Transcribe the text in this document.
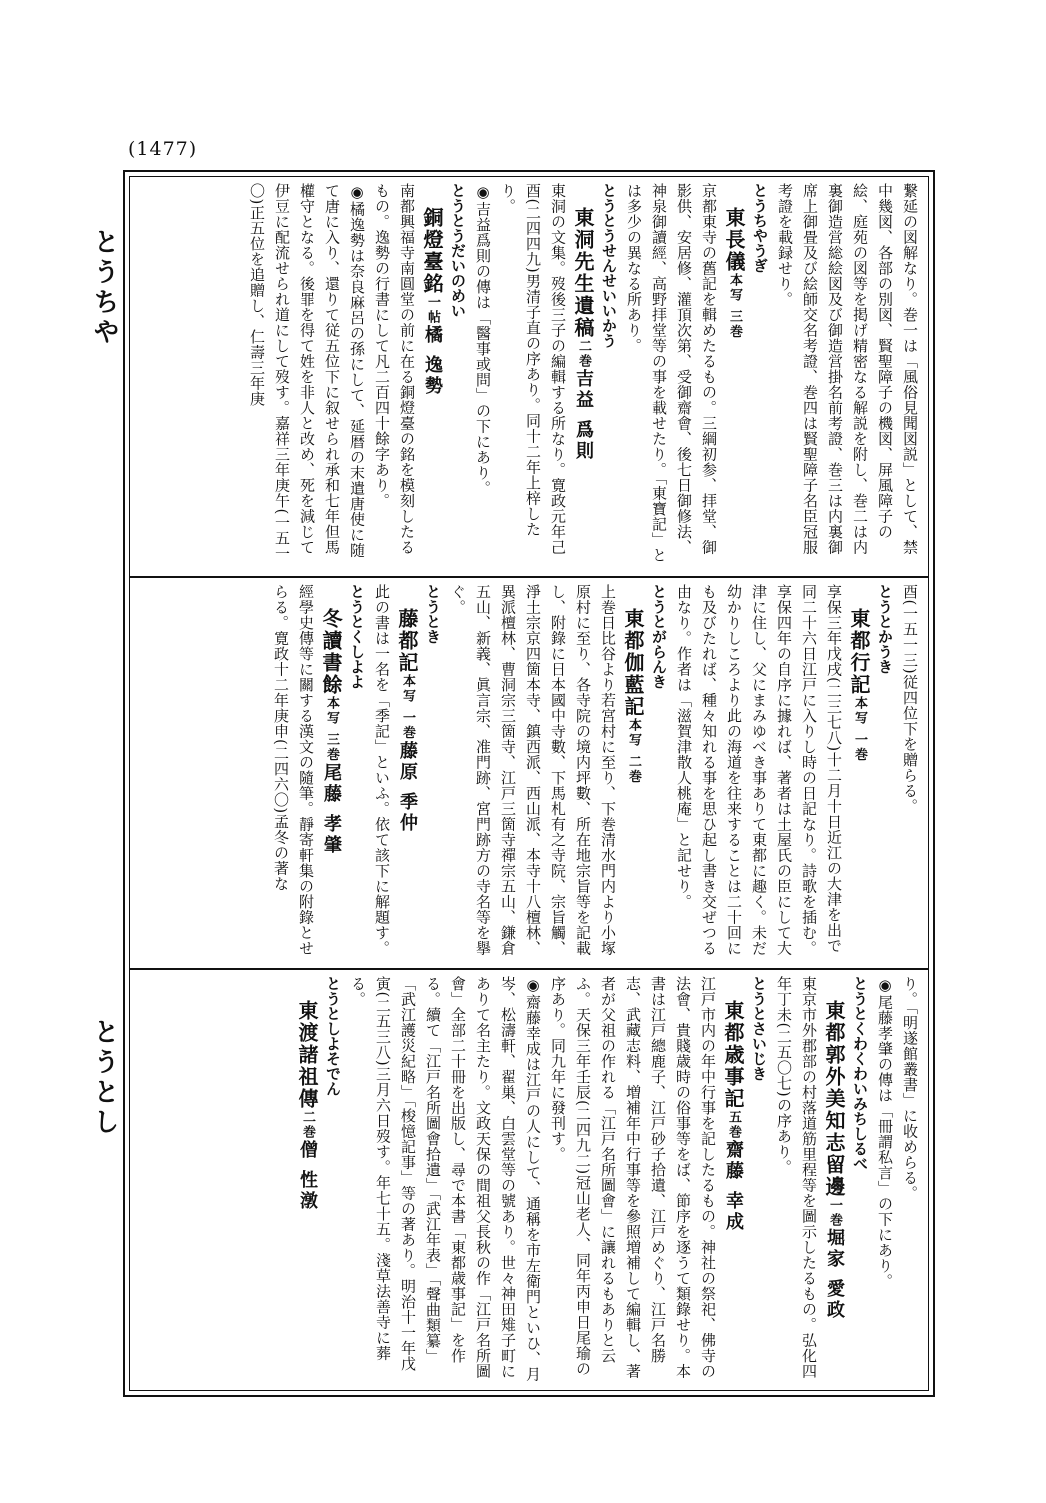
(1477)
とうちや
とうとし
繋延の図解なり。巻一は「風俗見聞図説」として、禁中幾図、各部の別図、賢聖障子の機図、屏風障子の絵、庭苑の図等を掲げ精密なる解説を附し、巻二は内裏御造営総絵図及び御造営掛名前考證、巻三は内裏御席上御畳及び絵師交名考證、巻四は賢聖障子名臣冠服考證を載録せり。
とうちやうぎ
東長儀本写 三巻
京都東寺の舊記を輯めたるもの。三綱初参、拝堂、御影供、安居修、灌頂次第、受御齋會、後七日御修法、神泉御讀經、高野拝堂等の事を載せたり。「東寶記」とは多少の異なる所あり。
とうとうせんせいいかう
東洞先生遺稿二巻吉益 爲則
東洞の文集。歿後三子の編輯する所なり。寛政元年己酉(二四四九)男清子直の序あり。同十二年上梓したり。
◉吉益爲則の傳は「醫事或問」の下にあり。
とうとうだいのめい
銅燈臺銘一帖橘 逸勢
南都興福寺南圓堂の前に在る銅燈臺の銘を模刻したるもの。逸勢の行書にして凡二百四十餘字あり。
◉橘逸勢は奈良麻呂の孫にして、延暦の末遣唐使に随て唐に入り、還りて従五位下に叙せられ承和七年但馬權守となる。後罪を得て姓を非人と改め、死を減じて伊豆に配流せられ道にして歿す。嘉祥三年庚午(一五一〇)正五位を追贈し、仁壽三年庚
酉(一五一三)従四位下を贈らる。
とうとかうき
東都行記本写 一巻
享保三年戊戌(二三七八)十二月十日近江の大津を出で同二十六日江戸に入りし時の日記なり。詩歌を插む。享保四年の自序に據れば、著者は土屋氏の臣にして大津に住し、父にまみゆべき事ありて東都に趣く。未だ幼かりしころより此の海道を往来することは二十回にも及びたれば、種々知れる事を思ひ起し書き交ぜつる由なり。作者は「滋賀津散人桃庵」と記せり。
とうとがらんき
東都伽藍記本写 二巻
上巻日比谷より若宮村に至り、下巻清水門内より小塚原村に至り、各寺院の境内坪數、所在地宗旨等を記載し、附錄に日本國中寺數、下馬札有之寺院、宗旨觸、淨土宗京四箇本寺、鎮西派、西山派、本寺十八檀林、異派檀林、曹洞宗三箇寺、江戸三箇寺禪宗五山、鎌倉五山、新義、眞言宗、准門跡、宮門跡方の寺名等を擧ぐ。
とうとき
藤都記本写 一巻藤原 季仲
此の書は一名を「季記」といふ。依て該下に解題す。
とうとくしよよ
冬讀書餘本写 三巻尾藤 孝肇
經學史傳等に關する漢文の隨筆。靜寄軒集の附錄とせらる。寛政十二年庚申(二四六〇)孟冬の著な
り。「明遂館叢書」に收めらる。
◉尾藤孝肇の傳は「冊謂私言」の下にあり。
とうとくわくわいみちしるべ
東都郭外美知志留邊一巻堀家 愛政
東京市外郡部の村落道筋里程等を圖示したるもの。弘化四年丁未(二五〇七)の序あり。
とうとさいじき
東都歳事記五巻齋藤 幸成
江戸市内の年中行事を記したるもの。神社の祭祀、佛寺の法會、貴賤歳時の俗事等をば、節序を逐うて類錄せり。本書は江戸總鹿子、江戸砂子拾遺、江戸めぐり、江戸名勝志、武藏志料、増補年中行事等を參照増補して編輯し、著者が父祖の作れる「江戸名所圖會」に讓れるもありと云ふ。天保三年壬辰(二四九二)冠山老人、同年丙申日尾瑜の序あり。同九年に發刊す。
◉齋藤幸成は江戸の人にして、通稱を市左衛門といひ、月岑、松濤軒、翟巣、白雲堂等の號あり。世々神田雉子町にありて名主たり。文政天保の間祖父長秋の作「江戸名所圖會」全部二十冊を出版し、尋で本書「東都歳事記」を作る。續て「江戸名所圖會拾遺」「武江年表」「聲曲類纂」「武江護災紀略」「梭憶記事」等の著あり。明治十一年戊寅(二五三八)三月六日歿す。年七十五。淺草法善寺に葬る。
とうとしよそでん
東渡諸祖傳二巻僧 性潡
